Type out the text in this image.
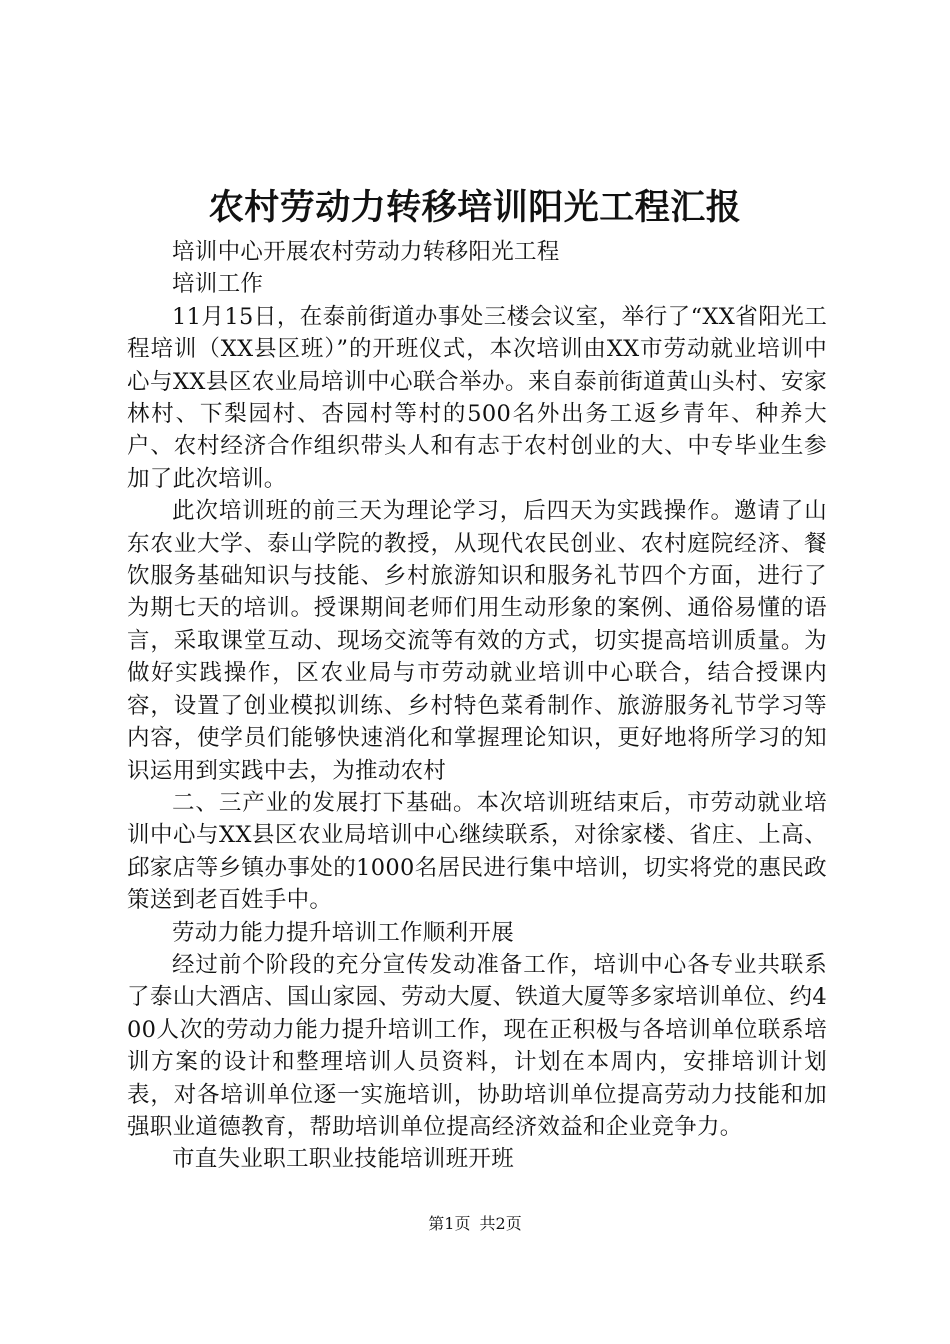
农村劳动力转移培训阳光工程汇报

培训中心开展农村劳动力转移阳光工程

培训工作

11月15日，在泰前街道办事处三楼会议室，举行了“XX省阳光工程培训（XX县区班）”的开班仪式，本次培训由XX市劳动就业培训中心与XX县区农业局培训中心联合举办。来自泰前街道黄山头村、安家林村、下梨园村、杏园村等村的500名外出务工返乡青年、种养大户、农村经济合作组织带头人和有志于农村创业的大、中专毕业生参加了此次培训。

此次培训班的前三天为理论学习，后四天为实践操作。邀请了山东农业大学、泰山学院的教授，从现代农民创业、农村庭院经济、餐饮服务基础知识与技能、乡村旅游知识和服务礼节四个方面，进行了为期七天的培训。授课期间老师们用生动形象的案例、通俗易懂的语言，采取课堂互动、现场交流等有效的方式，切实提高培训质量。为做好实践操作，区农业局与市劳动就业培训中心联合，结合授课内容，设置了创业模拟训练、乡村特色菜肴制作、旅游服务礼节学习等内容，使学员们能够快速消化和掌握理论知识，更好地将所学习的知识运用到实践中去，为推动农村

二、三产业的发展打下基础。本次培训班结束后，市劳动就业培训中心与XX县区农业局培训中心继续联系，对徐家楼、省庄、上高、邱家店等乡镇办事处的1000名居民进行集中培训，切实将党的惠民政策送到老百姓手中。

劳动力能力提升培训工作顺利开展

经过前个阶段的充分宣传发动准备工作，培训中心各专业共联系了泰山大酒店、国山家园、劳动大厦、铁道大厦等多家培训单位、约400人次的劳动力能力提升培训工作，现在正积极与各培训单位联系培训方案的设计和整理培训人员资料，计划在本周内，安排培训计划表，对各培训单位逐一实施培训，协助培训单位提高劳动力技能和加强职业道德教育，帮助培训单位提高经济效益和企业竞争力。

市直失业职工职业技能培训班开班

第1页 共2页
